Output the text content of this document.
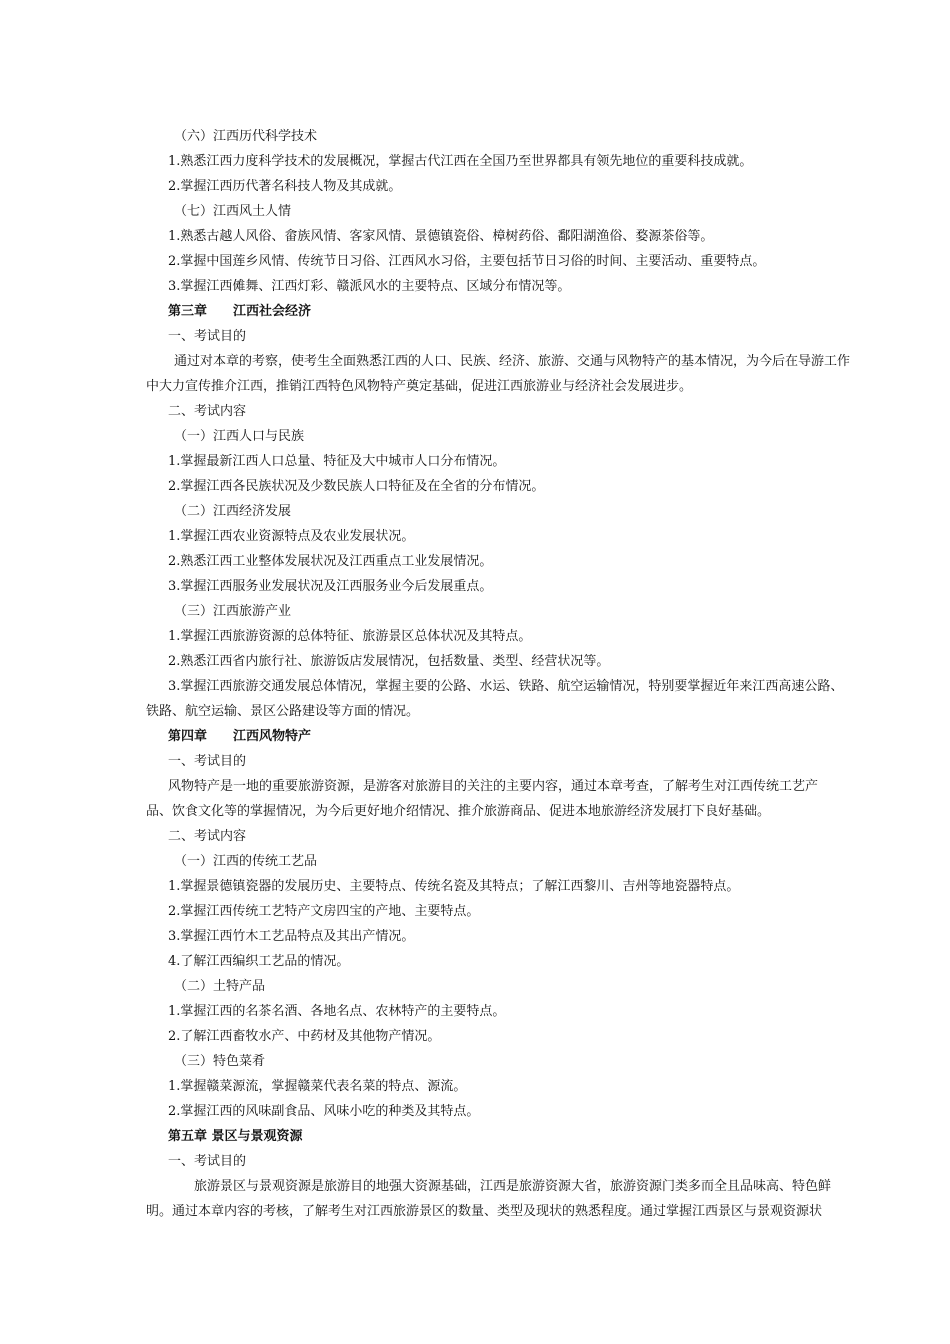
（六）江西历代科学技术
1.熟悉江西力度科学技术的发展概况，掌握古代江西在全国乃至世界都具有领先地位的重要科技成就。
2.掌握江西历代著名科技人物及其成就。
（七）江西风土人情
1.熟悉古越人风俗、畲族风情、客家风情、景德镇瓷俗、樟树药俗、鄱阳湖渔俗、婺源茶俗等。
2.掌握中国莲乡风情、传统节日习俗、江西风水习俗，主要包括节日习俗的时间、主要活动、重要特点。
3.掌握江西傩舞、江西灯彩、赣派风水的主要特点、区域分布情况等。
第三章 江西社会经济
一、考试目的
通过对本章的考察，使考生全面熟悉江西的人口、民族、经济、旅游、交通与风物特产的基本情况，为今后在导游工作
中大力宣传推介江西，推销江西特色风物特产奠定基础，促进江西旅游业与经济社会发展进步。
二、考试内容
（一）江西人口与民族
1.掌握最新江西人口总量、特征及大中城市人口分布情况。
2.掌握江西各民族状况及少数民族人口特征及在全省的分布情况。
（二）江西经济发展
1.掌握江西农业资源特点及农业发展状况。
2.熟悉江西工业整体发展状况及江西重点工业发展情况。
3.掌握江西服务业发展状况及江西服务业今后发展重点。
（三）江西旅游产业
1.掌握江西旅游资源的总体特征、旅游景区总体状况及其特点。
2.熟悉江西省内旅行社、旅游饭店发展情况，包括数量、类型、经营状况等。
3.掌握江西旅游交通发展总体情况，掌握主要的公路、水运、铁路、航空运输情况，特别要掌握近年来江西高速公路、
铁路、航空运输、景区公路建设等方面的情况。
第四章 江西风物特产
一、考试目的
风物特产是一地的重要旅游资源，是游客对旅游目的关注的主要内容，通过本章考查，了解考生对江西传统工艺产
品、饮食文化等的掌握情况，为今后更好地介绍情况、推介旅游商品、促进本地旅游经济发展打下良好基础。
二、考试内容
（一）江西的传统工艺品
1.掌握景德镇瓷器的发展历史、主要特点、传统名瓷及其特点；了解江西黎川、吉州等地瓷器特点。
2.掌握江西传统工艺特产文房四宝的产地、主要特点。
3.掌握江西竹木工艺品特点及其出产情况。
4.了解江西编织工艺品的情况。
（二）土特产品
1.掌握江西的名茶名酒、各地名点、农林特产的主要特点。
2.了解江西畜牧水产、中药材及其他物产情况。
（三）特色菜肴
1.掌握赣菜源流，掌握赣菜代表名菜的特点、源流。
2.掌握江西的风味副食品、风味小吃的种类及其特点。
第五章 景区与景观资源
一、考试目的
旅游景区与景观资源是旅游目的地强大资源基础，江西是旅游资源大省，旅游资源门类多而全且品味高、特色鲜
明。通过本章内容的考核，了解考生对江西旅游景区的数量、类型及现状的熟悉程度。通过掌握江西景区与景观资源状
